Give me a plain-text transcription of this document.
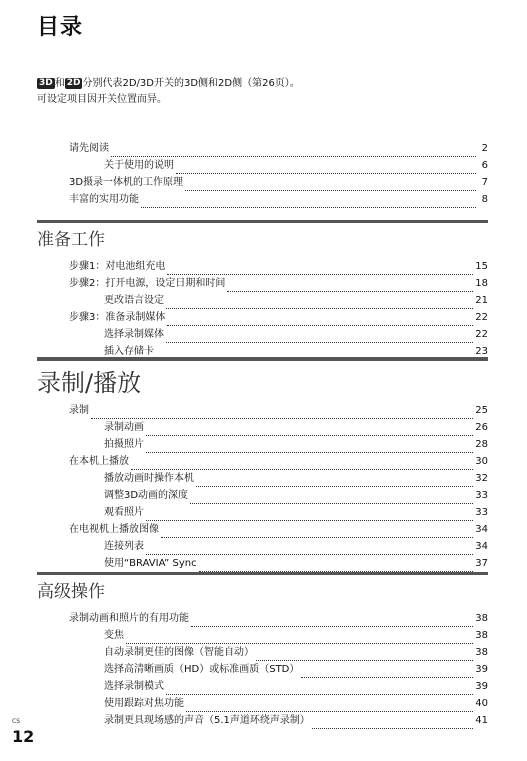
目录
3D 和 2D 分别代表2D/3D开关的3D侧和2D侧（第26页）。
可设定项目因开关位置而异。
请先阅读	2
关于使用的说明	6
3D摄录一体机的工作原理	7
丰富的实用功能	8
准备工作
步骤1：对电池组充电	15
步骤2：打开电源，设定日期和时间	18
更改语言设定	21
步骤3：准备录制媒体	22
选择录制媒体	22
插入存储卡	23
录制/播放
录制	25
录制动画	26
拍摄照片	28
在本机上播放	30
播放动画时操作本机	32
调整3D动画的深度	33
观看照片	33
在电视机上播放图像	34
连接列表	34
使用“BRAVIA” Sync	37
高级操作
录制动画和照片的有用功能	38
变焦	38
自动录制更佳的图像（智能自动）	38
选择高清晰画质（HD）或标准画质（STD）	39
选择录制模式	39
使用跟踪对焦功能	40
录制更具现场感的声音（5.1声道环绕声录制）	41
CS
12
